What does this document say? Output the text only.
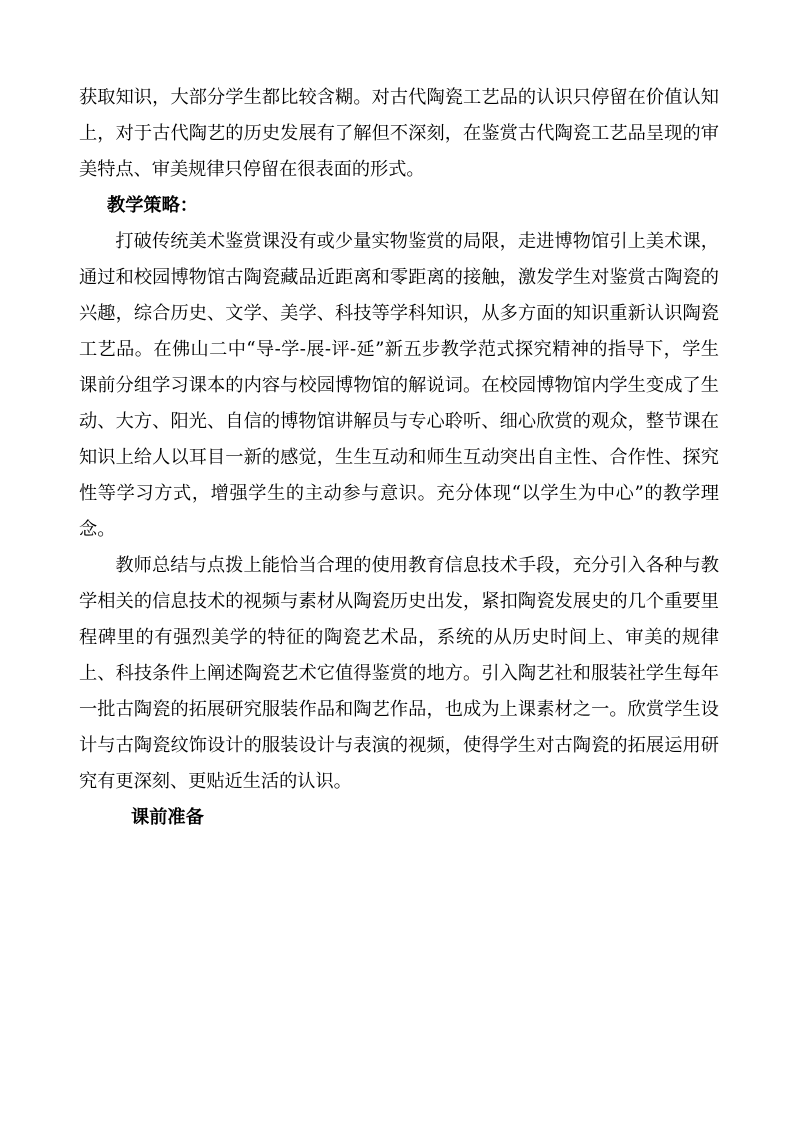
获取知识，大部分学生都比较含糊。对古代陶瓷工艺品的认识只停留在价值认知上，对于古代陶艺的历史发展有了解但不深刻，在鉴赏古代陶瓷工艺品呈现的审美特点、审美规律只停留在很表面的形式。

教学策略：

打破传统美术鉴赏课没有或少量实物鉴赏的局限，走进博物馆引上美术课，通过和校园博物馆古陶瓷藏品近距离和零距离的接触，激发学生对鉴赏古陶瓷的兴趣，综合历史、文学、美学、科技等学科知识，从多方面的知识重新认识陶瓷工艺品。在佛山二中“导-学-展-评-延”新五步教学范式探究精神的指导下，学生课前分组学习课本的内容与校园博物馆的解说词。在校园博物馆内学生变成了生动、大方、阳光、自信的博物馆讲解员与专心聆听、细心欣赏的观众，整节课在知识上给人以耳目一新的感觉，生生互动和师生互动突出自主性、合作性、探究性等学习方式，增强学生的主动参与意识。充分体现“以学生为中心”的教学理念。

教师总结与点拨上能恰当合理的使用教育信息技术手段，充分引入各种与教学相关的信息技术的视频与素材从陶瓷历史出发，紧扣陶瓷发展史的几个重要里程碑里的有强烈美学的特征的陶瓷艺术品，系统的从历史时间上、审美的规律上、科技条件上阐述陶瓷艺术它值得鉴赏的地方。引入陶艺社和服装社学生每年一批古陶瓷的拓展研究服装作品和陶艺作品，也成为上课素材之一。欣赏学生设计与古陶瓷纹饰设计的服装设计与表演的视频，使得学生对古陶瓷的拓展运用研究有更深刻、更贴近生活的认识。

课前准备
